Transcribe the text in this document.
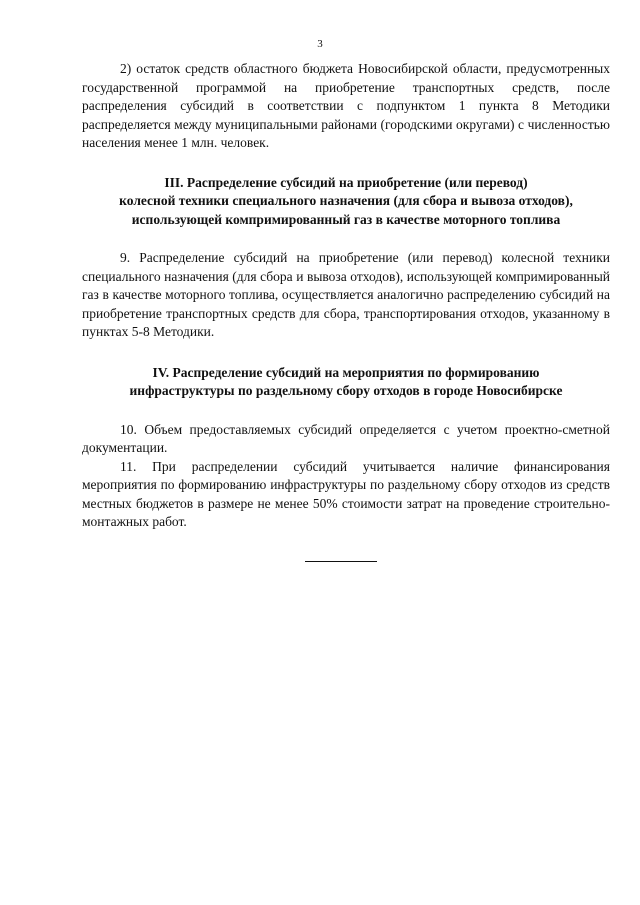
3

2) остаток средств областного бюджета Новосибирской области, предусмотренных государственной программой на приобретение транспортных средств, после распределения субсидий в соответствии с подпунктом 1 пункта 8 Методики распределяется между муниципальными районами (городскими округами) с численностью населения менее 1 млн. человек.

III. Распределение субсидий на приобретение (или перевод)
колесной техники специального назначения (для сбора и вывоза отходов),
использующей компримированный газ в качестве моторного топлива

9. Распределение субсидий на приобретение (или перевод) колесной техники специального назначения (для сбора и вывоза отходов), использующей компримированный газ в качестве моторного топлива, осуществляется аналогично распределению субсидий на приобретение транспортных средств для сбора, транспортирования отходов, указанному в пунктах 5-8 Методики.

IV. Распределение субсидий на мероприятия по формированию
инфраструктуры по раздельному сбору отходов в городе Новосибирске

10. Объем предоставляемых субсидий определяется с учетом проектно-сметной документации.

11. При распределении субсидий учитывается наличие финансирования мероприятия по формированию инфраструктуры по раздельному сбору отходов из средств местных бюджетов в размере не менее 50% стоимости затрат на проведение строительно-монтажных работ.
